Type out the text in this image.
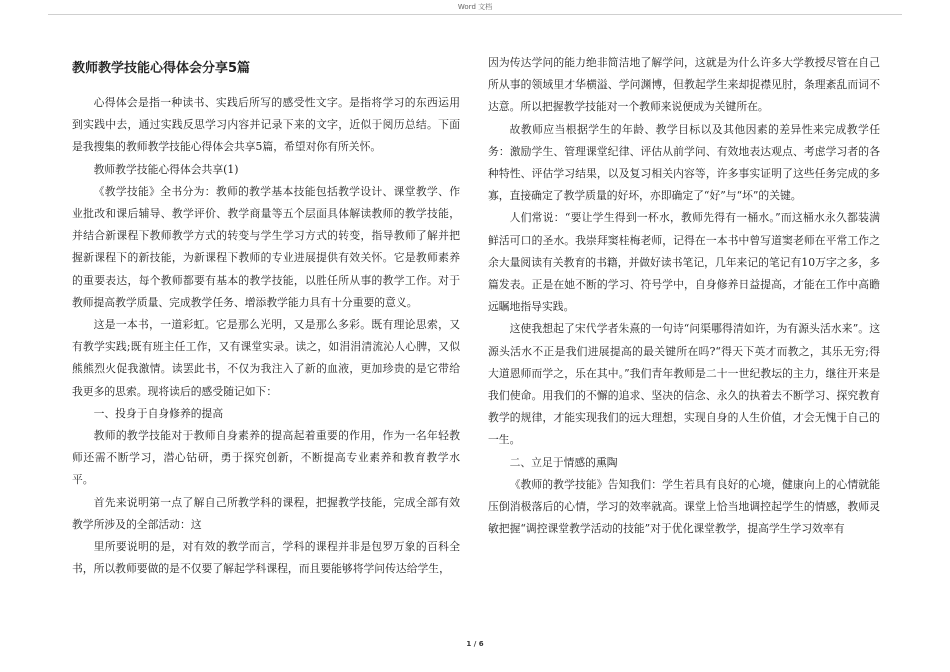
Word 文档
教师教学技能心得体会分享5篇

心得体会是指一种读书、实践后所写的感受性文字。是指将学习的东西运用到实践中去，通过实践反思学习内容并记录下来的文字，近似于阅历总结。下面是我搜集的教师教学技能心得体会共享5篇，希望对你有所关怀。

教师教学技能心得体会共享(1)

《教学技能》全书分为：教师的教学基本技能包括教学设计、课堂教学、作业批改和课后辅导、教学评价、教学商量等五个层面具体解读教师的教学技能，并结合新课程下教师教学方式的转变与学生学习方式的转变，指导教师了解并把握新课程下的新技能，为新课程下教师的专业进展提供有效关怀。它是教师素养的重要表达，每个教师都要有基本的教学技能，以胜任所从事的教学工作。对于教师提高教学质量、完成教学任务、增添教学能力具有十分重要的意义。

这是一本书，一道彩虹。它是那么光明，又是那么多彩。既有理论思索，又有教学实践;既有班主任工作，又有课堂实录。读之，如涓涓清流沁人心脾，又似熊熊烈火促我激情。读罢此书，不仅为我注入了新的血液，更加珍贵的是它带给我更多的思索。现将读后的感受随记如下：

一、投身于自身修养的提高

教师的教学技能对于教师自身素养的提高起着重要的作用，作为一名年轻教师还需不断学习，潜心钻研，勇于探究创新，不断提高专业素养和教育教学水平。

首先来说明第一点了解自己所教学科的课程，把握教学技能，完成全部有效教学所涉及的全部活动：这

里所要说明的是，对有效的教学而言，学科的课程并非是包罗万象的百科全书，所以教师要做的是不仅要了解起学科课程，而且要能够将学问传达给学生，

因为传达学问的能力绝非简洁地了解学问，这就是为什么许多大学教授尽管在自己所从事的领域里才华横溢、学问渊博，但教起学生来却捉襟见肘，条理紊乱而词不达意。所以把握教学技能对一个教师来说便成为关键所在。

故教师应当根据学生的年龄、教学目标以及其他因素的差异性来完成教学任务：激励学生、管理课堂纪律、评估从前学问、有效地表达观点、考虑学习者的各种特性、评估学习结果，以及复习相关内容等，许多事实证明了这些任务完成的多寡，直接确定了教学质量的好坏，亦即确定了“好”与“坏”的关键。

人们常说：“要让学生得到一杯水，教师先得有一桶水。”而这桶水永久都装满鲜活可口的圣水。我崇拜窦桂梅老师，记得在一本书中曾写道窦老师在平常工作之余大量阅读有关教育的书籍，并做好读书笔记，几年来记的笔记有10万字之多，多篇发表。正是在她不断的学习、符号学中，自身修养日益提高，才能在工作中高瞻远瞩地指导实践。

这使我想起了宋代学者朱熹的一句诗“问渠哪得清如许，为有源头活水来”。这源头活水不正是我们进展提高的最关键所在吗?“得天下英才而教之，其乐无穷;得大道恩师而学之，乐在其中。”我们青年教师是二十一世纪教坛的主力，继往开来是我们使命。用我们的不懈的追求、坚决的信念、永久的执着去不断学习、探究教育教学的规律，才能实现我们的远大理想，实现自身的人生价值，才会无愧于自己的一生。

二、立足于情感的熏陶

《教师的教学技能》告知我们：学生若具有良好的心境，健康向上的心情就能压倒消极落后的心情，学习的效率就高。课堂上恰当地调控起学生的情感，教师灵敏把握“调控课堂教学活动的技能”对于优化课堂教学，提高学生学习效率有

1 / 6
